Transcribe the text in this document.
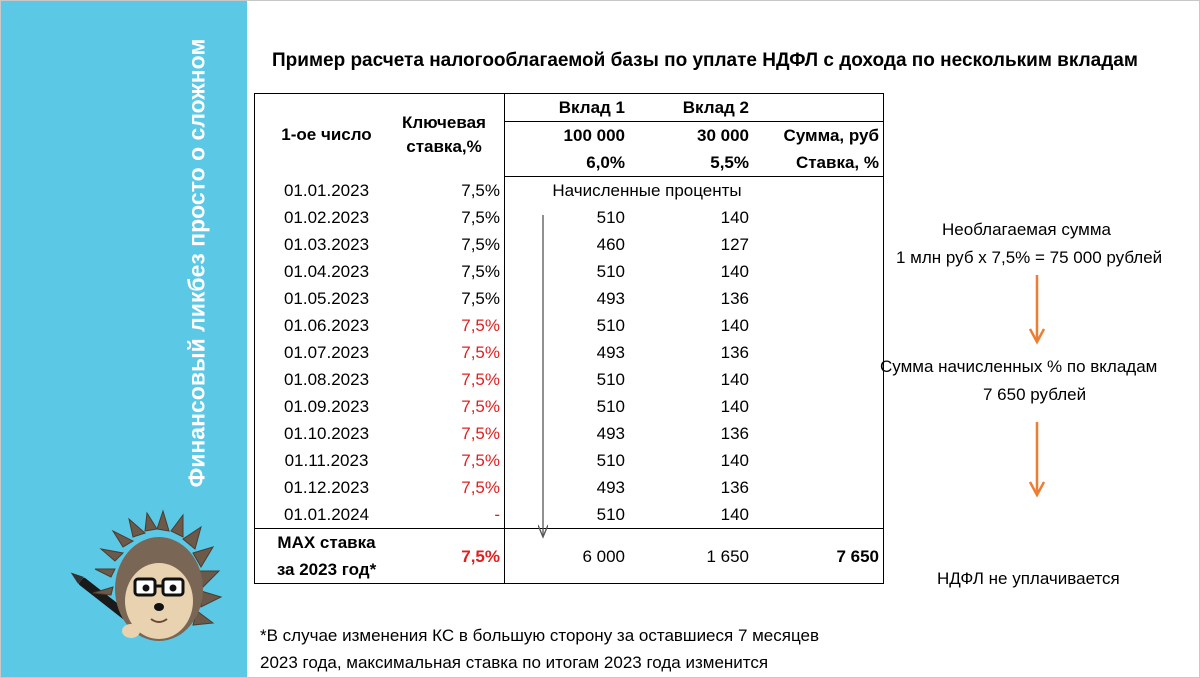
Финансовый ликбез просто о сложном	Пример расчета налогооблагаемой базы по уплате НДФЛ с дохода по нескольким вкладам
1-ое число	Ключевая ставка,%	Вклад 1	Вклад 2	
		100 000	30 000	Сумма, руб
		6,0%	5,5%	Ставка, %
01.01.2023	7,5%	Начисленные проценты		
01.02.2023	7,5%	510	140	
01.03.2023	7,5%	460	127	
01.04.2023	7,5%	510	140	
01.05.2023	7,5%	493	136	
01.06.2023	7,5%	510	140	
01.07.2023	7,5%	493	136	
01.08.2023	7,5%	510	140	
01.09.2023	7,5%	510	140	
01.10.2023	7,5%	493	136	
01.11.2023	7,5%	510	140	
01.12.2023	7,5%	493	136	
01.01.2024	-	510	140	

MAX ставка
за 2023 год*	7,5%	6 000	1 650	7 650

*В случае изменения КС в большую сторону за оставшиеся 7 месяцев
2023 года, максимальная ставка по итогам 2023 года изменится
Необлагаемая сумма
1 млн руб х 7,5% = 75 000 рублей
Сумма начисленных % по вкладам
7 650 рублей
НДФЛ не уплачивается
